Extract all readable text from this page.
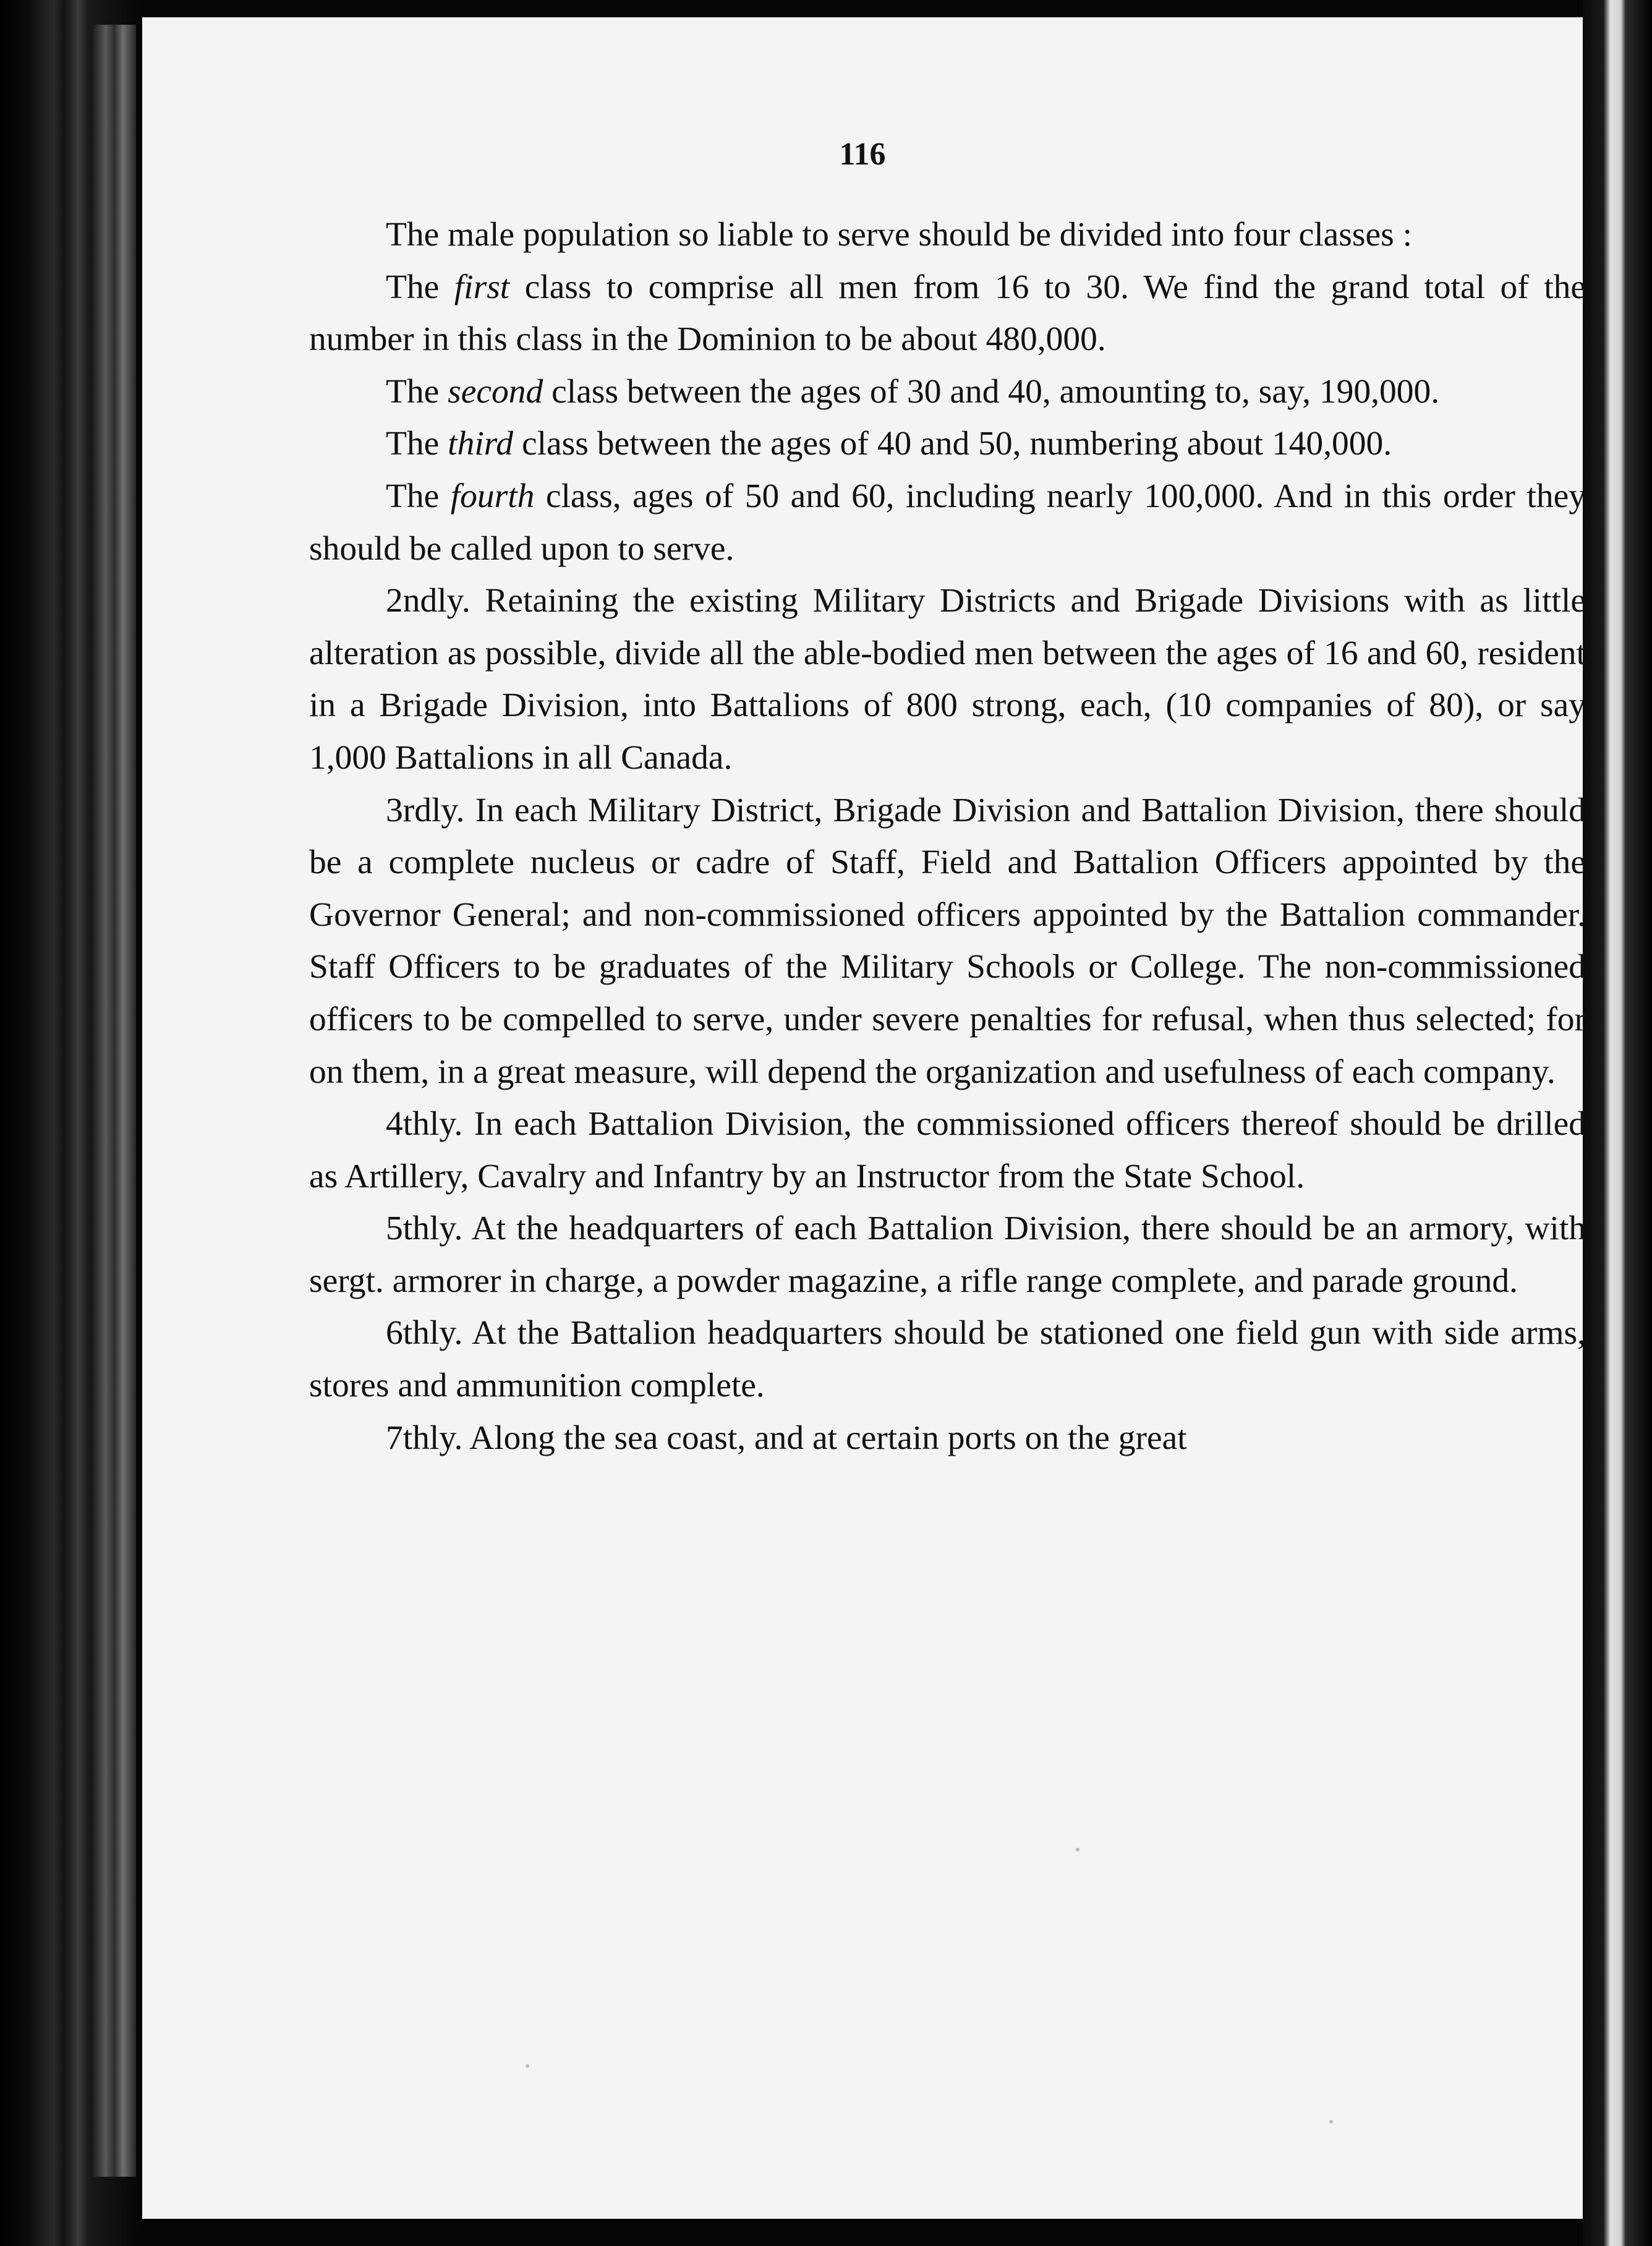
116

The male population so liable to serve should be divided into four classes :

The first class to comprise all men from 16 to 30. We find the grand total of the number in this class in the Dominion to be about 480,000.

The second class between the ages of 30 and 40, amounting to, say, 190,000.

The third class between the ages of 40 and 50, numbering about 140,000.

The fourth class, ages of 50 and 60, including nearly 100,000. And in this order they should be called upon to serve.

2ndly. Retaining the existing Military Districts and Brigade Divisions with as little alteration as possible, divide all the able-bodied men between the ages of 16 and 60, resident in a Brigade Division, into Battalions of 800 strong, each, (10 companies of 80), or say 1,000 Battalions in all Canada.

3rdly. In each Military District, Brigade Division and Battalion Division, there should be a complete nucleus or cadre of Staff, Field and Battalion Officers appointed by the Governor General; and non-commissioned officers appointed by the Battalion commander. Staff Officers to be graduates of the Military Schools or College. The non-commissioned officers to be compelled to serve, under severe penalties for refusal, when thus selected; for on them, in a great measure, will depend the organization and usefulness of each company.

4thly. In each Battalion Division, the commissioned officers thereof should be drilled as Artillery, Cavalry and Infantry by an Instructor from the State School.

5thly. At the headquarters of each Battalion Division, there should be an armory, with sergt. armorer in charge, a powder magazine, a rifle range complete, and parade ground.

6thly. At the Battalion headquarters should be stationed one field gun with side arms, stores and ammunition complete.

7thly. Along the sea coast, and at certain ports on the great
